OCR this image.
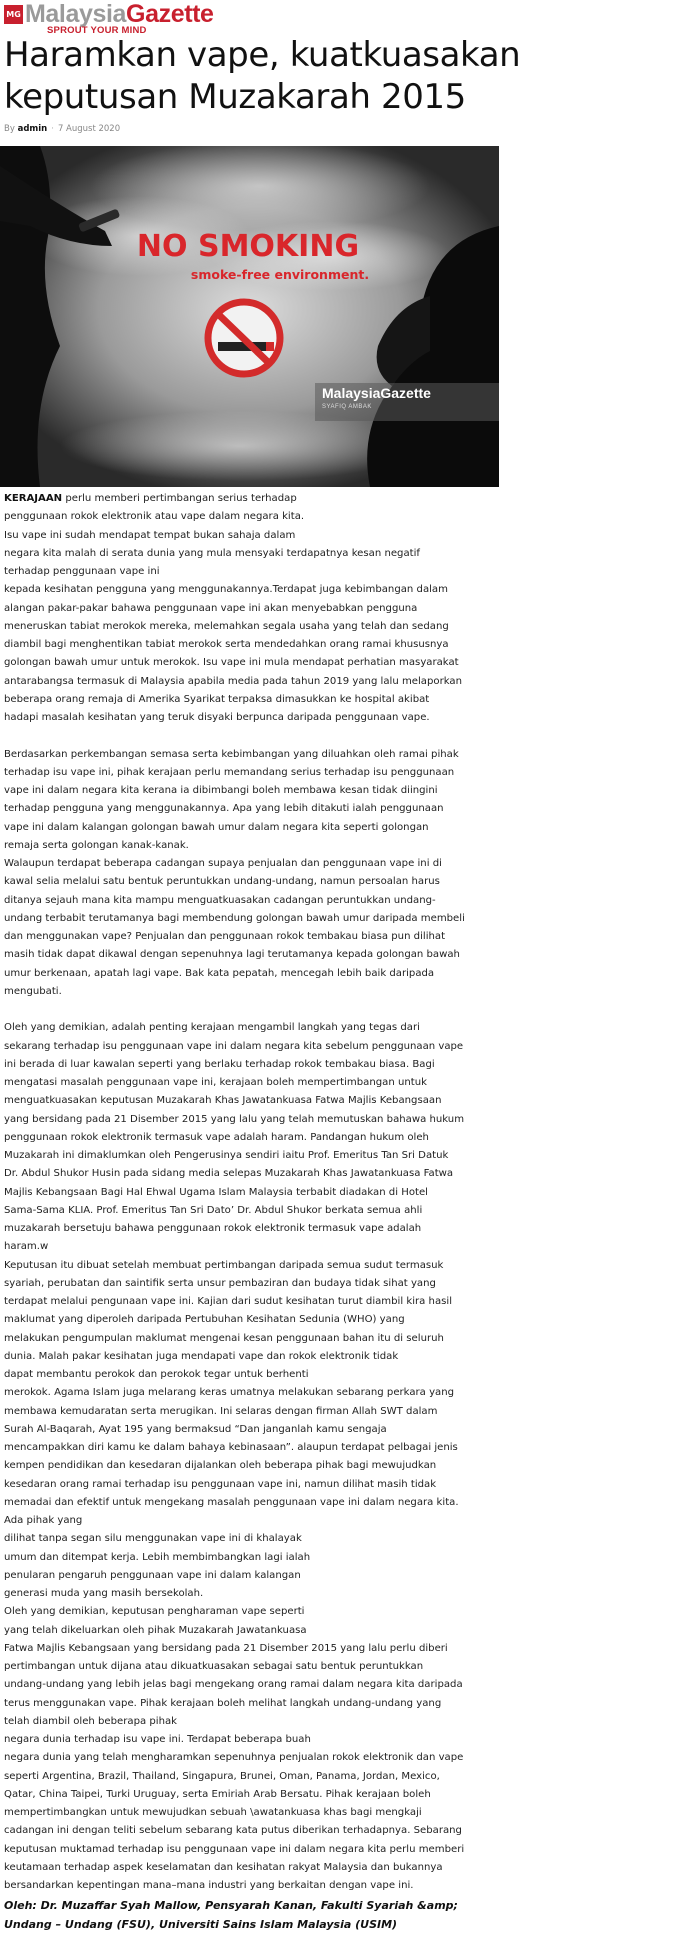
MG MalaysiaGazette
SPROUT YOUR MIND
Haramkan vape, kuatkuasakan keputusan Muzakarah 2015
By admin · 7 August 2020
NO SMOKING
smoke-free environment.
MalaysiaGazette
SYAFIQ AMBAK

KERAJAAN perlu memberi pertimbangan serius terhadap

penggunaan rokok elektronik atau vape dalam negara kita.

Isu vape ini sudah mendapat tempat bukan sahaja dalam

negara kita malah di serata dunia yang mula mensyaki terdapatnya kesan negatif

terhadap penggunaan vape ini

kepada kesihatan pengguna yang menggunakannya.Terdapat juga kebimbangan dalam

alangan pakar-pakar bahawa penggunaan vape ini akan menyebabkan pengguna

meneruskan tabiat merokok mereka, melemahkan segala usaha yang telah dan sedang

diambil bagi menghentikan tabiat merokok serta mendedahkan orang ramai khususnya

golongan bawah umur untuk merokok. Isu vape ini mula mendapat perhatian masyarakat

antarabangsa termasuk di Malaysia apabila media pada tahun 2019 yang lalu melaporkan

beberapa orang remaja di Amerika Syarikat terpaksa dimasukkan ke hospital akibat

hadapi masalah kesihatan yang teruk disyaki berpunca daripada penggunaan vape.

Berdasarkan perkembangan semasa serta kebimbangan yang diluahkan oleh ramai pihak

terhadap isu vape ini, pihak kerajaan perlu memandang serius terhadap isu penggunaan

vape ini dalam negara kita kerana ia dibimbangi boleh membawa kesan tidak diingini

terhadap pengguna yang menggunakannya. Apa yang lebih ditakuti ialah penggunaan

vape ini dalam kalangan golongan bawah umur dalam negara kita seperti golongan

remaja serta golongan kanak-kanak.

Walaupun terdapat beberapa cadangan supaya penjualan dan penggunaan vape ini di

kawal selia melalui satu bentuk peruntukkan undang-undang, namun persoalan harus

ditanya sejauh mana kita mampu menguatkuasakan cadangan peruntukkan undang-

undang terbabit terutamanya bagi membendung golongan bawah umur daripada membeli

dan menggunakan vape? Penjualan dan penggunaan rokok tembakau biasa pun dilihat

masih tidak dapat dikawal dengan sepenuhnya lagi terutamanya kepada golongan bawah

umur berkenaan, apatah lagi vape. Bak kata pepatah, mencegah lebih baik daripada

mengubati.

Oleh yang demikian, adalah penting kerajaan mengambil langkah yang tegas dari

sekarang terhadap isu penggunaan vape ini dalam negara kita sebelum penggunaan vape

ini berada di luar kawalan seperti yang berlaku terhadap rokok tembakau biasa. Bagi

mengatasi masalah penggunaan vape ini, kerajaan boleh mempertimbangan untuk

menguatkuasakan keputusan Muzakarah Khas Jawatankuasa Fatwa Majlis Kebangsaan

yang bersidang pada 21 Disember 2015 yang lalu yang telah memutuskan bahawa hukum

penggunaan rokok elektronik termasuk vape adalah haram. Pandangan hukum oleh

Muzakarah ini dimaklumkan oleh Pengerusinya sendiri iaitu Prof. Emeritus Tan Sri Datuk

Dr. Abdul Shukor Husin pada sidang media selepas Muzakarah Khas Jawatankuasa Fatwa

Majlis Kebangsaan Bagi Hal Ehwal Ugama Islam Malaysia terbabit diadakan di Hotel

Sama-Sama KLIA. Prof. Emeritus Tan Sri Dato’ Dr. Abdul Shukor berkata semua ahli

muzakarah bersetuju bahawa penggunaan rokok elektronik termasuk vape adalah

haram.w

Keputusan itu dibuat setelah membuat pertimbangan daripada semua sudut termasuk

syariah, perubatan dan saintifik serta unsur pembaziran dan budaya tidak sihat yang

terdapat melalui pengunaan vape ini. Kajian dari sudut kesihatan turut diambil kira hasil

maklumat yang diperoleh daripada Pertubuhan Kesihatan Sedunia (WHO) yang

melakukan pengumpulan maklumat mengenai kesan penggunaan bahan itu di seluruh

dunia. Malah pakar kesihatan juga mendapati vape dan rokok elektronik tidak

dapat membantu perokok dan perokok tegar untuk berhenti

merokok. Agama Islam juga melarang keras umatnya melakukan sebarang perkara yang

membawa kemudaratan serta merugikan. Ini selaras dengan firman Allah SWT dalam

Surah Al-Baqarah, Ayat 195 yang bermaksud “Dan janganlah kamu sengaja

mencampakkan diri kamu ke dalam bahaya kebinasaan”. alaupun terdapat pelbagai jenis

kempen pendidikan dan kesedaran dijalankan oleh beberapa pihak bagi mewujudkan

kesedaran orang ramai terhadap isu penggunaan vape ini, namun dilihat masih tidak

memadai dan efektif untuk mengekang masalah penggunaan vape ini dalam negara kita.

Ada pihak yang

dilihat tanpa segan silu menggunakan vape ini di khalayak

umum dan ditempat kerja. Lebih membimbangkan lagi ialah

penularan pengaruh penggunaan vape ini dalam kalangan

generasi muda yang masih bersekolah.

Oleh yang demikian, keputusan pengharaman vape seperti

yang telah dikeluarkan oleh pihak Muzakarah Jawatankuasa

Fatwa Majlis Kebangsaan yang bersidang pada 21 Disember 2015 yang lalu perlu diberi

pertimbangan untuk dijana atau dikuatkuasakan sebagai satu bentuk peruntukkan

undang-undang yang lebih jelas bagi mengekang orang ramai dalam negara kita daripada

terus menggunakan vape. Pihak kerajaan boleh melihat langkah undang-undang yang

telah diambil oleh beberapa pihak

negara dunia terhadap isu vape ini. Terdapat beberapa buah

negara dunia yang telah mengharamkan sepenuhnya penjualan rokok elektronik dan vape

seperti Argentina, Brazil, Thailand, Singapura, Brunei, Oman, Panama, Jordan, Mexico,

Qatar, China Taipei, Turki Uruguay, serta Emiriah Arab Bersatu. Pihak kerajaan boleh

mempertimbangkan untuk mewujudkan sebuah \awatankuasa khas bagi mengkaji

cadangan ini dengan teliti sebelum sebarang kata putus diberikan terhadapnya. Sebarang

keputusan muktamad terhadap isu penggunaan vape ini dalam negara kita perlu memberi

keutamaan terhadap aspek keselamatan dan kesihatan rakyat Malaysia dan bukannya

bersandarkan kepentingan mana–mana industri yang berkaitan dengan vape ini.

Oleh: Dr. Muzaffar Syah Mallow, Pensyarah Kanan, Fakulti Syariah &amp;
Undang – Undang (FSU), Universiti Sains Islam Malaysia (USIM)
